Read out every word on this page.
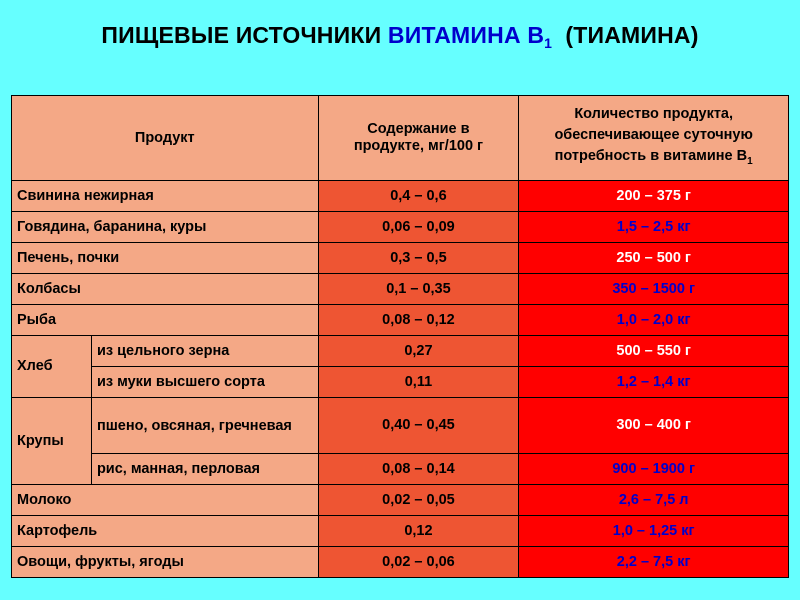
ПИЩЕВЫЕ ИСТОЧНИКИ ВИТАМИНА $В_1$  (ТИАМИНА)
Продукт		Содержание в продукте, мг/100 г	Количество продукта, обеспечивающее суточную потребность в витамине $В_1$
Свинина нежирная		0,4 – 0,6	200 – 375 г
Говядина, баранина, куры		0,06 – 0,09	1,5 – 2,5 кг
Печень, почки		0,3 – 0,5	250 – 500 г
Колбасы		0,1 – 0,35	350 – 1500 г
Рыба		0,08 – 0,12	1,0 – 2,0 кг
Хлеб	из цельного зерна	0,27	500 – 550 г
	из муки высшего сорта	0,11	1,2 – 1,4 кг
Крупы	пшено, овсяная, гречневая	0,40 – 0,45	300 – 400 г
	рис, манная, перловая	0,08 – 0,14	900 – 1900 г
Молоко		0,02 – 0,05	2,6 – 7,5 л
Картофель		0,12	1,0 – 1,25 кг
Овощи, фрукты, ягоды		0,02 – 0,06	2,2 – 7,5 кг
